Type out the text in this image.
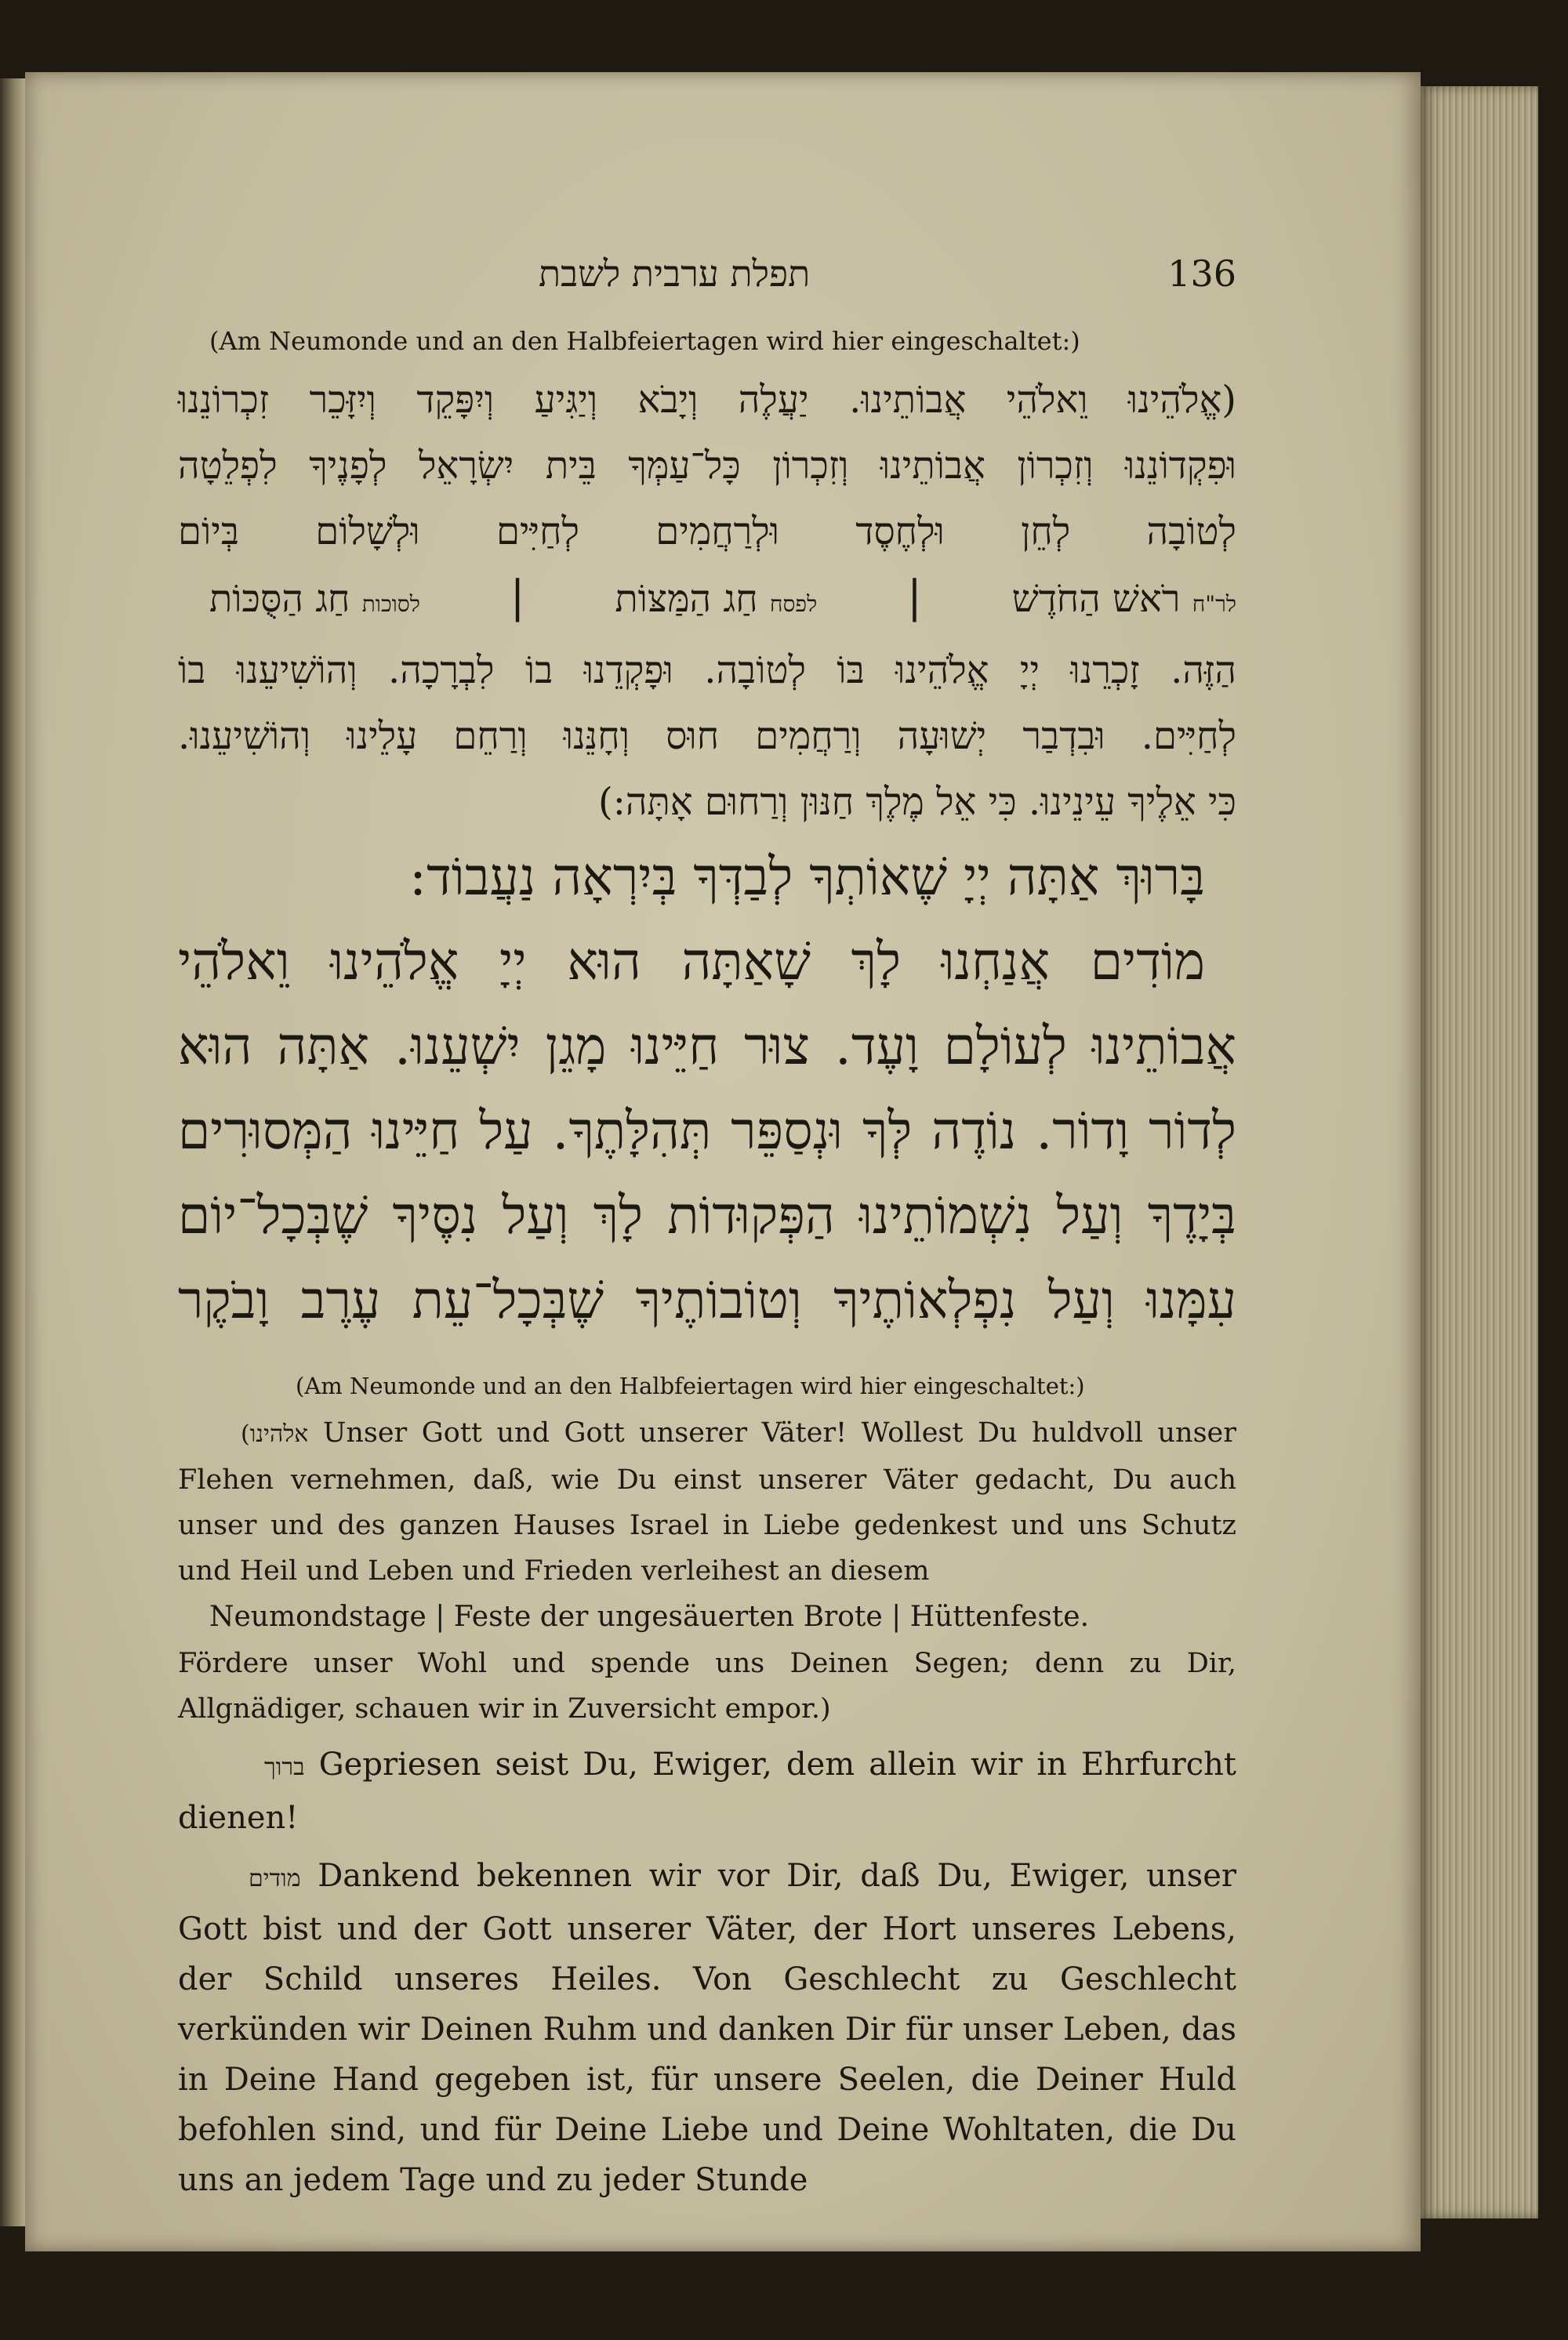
תפלת ערבית לשבת	136
(Am Neumonde und an den Halbfeiertagen wird hier eingeschaltet:)

(אֱלֹהֵינוּ וֵאלֹהֵי אֲבוֹתֵינוּ. יַעֲלֶה וְיָבֹא וְיַגִּיעַ וְיִפָּקֵד וְיִזָּכֵר זִכְרוֹנֵנוּ

וּפִקְדוֹנֵנוּ וְזִכְרוֹן אֲבוֹתֵינוּ וְזִכְרוֹן כָּל־עַמְּךָ בֵּית יִשְׂרָאֵל לְפָנֶיךָ לִפְלֵטָה

לְטוֹבָה לְחֵן וּלְחֶסֶד וּלְרַחֲמִים לְחַיִּים וּלְשָׁלוֹם בְּיוֹם

לר"ח רֹאשׁ הַחֹדֶשׁ
|
לפסח חַג הַמַּצּוֹת
|
לסוכות חַג הַסֻּכּוֹת

הַזֶּה. זָכְרֵנוּ יְיָ אֱלֹהֵינוּ בּוֹ לְטוֹבָה. וּפָקְדֵנוּ בוֹ לִבְרָכָה. וְהוֹשִׁיעֵנוּ בוֹ

לְחַיִּים. וּבִדְבַר יְשׁוּעָה וְרַחֲמִים חוּס וְחָנֵּנוּ וְרַחֵם עָלֵינוּ וְהוֹשִׁיעֵנוּ.

כִּי אֵלֶיךָ עֵינֵינוּ. כִּי אֵל מֶלֶךְ חַנּוּן וְרַחוּם אָתָּה:)

בָּרוּךְ אַתָּה יְיָ שֶׁאוֹתְךָ לְבַדְּךָ בְּיִרְאָה נַעֲבוֹד:

מוֹדִים אֲנַחְנוּ לָךְ שָׁאַתָּה הוּא יְיָ אֱלֹהֵינוּ וֵאלֹהֵי

אֲבוֹתֵינוּ לְעוֹלָם וָעֶד. צוּר חַיֵּינוּ מָגֵן יִשְׁעֵנוּ. אַתָּה הוּא

לְדוֹר וָדוֹר. נוֹדֶה לְּךָ וּנְסַפֵּר תְּהִלָּתֶךָ. עַל חַיֵּינוּ הַמְּסוּרִים

בְּיָדֶךָ וְעַל נִשְׁמוֹתֵינוּ הַפְּקוּדוֹת לָךְ וְעַל נִסֶּיךָ שֶׁבְּכָל־יוֹם

עִמָּנוּ וְעַל נִפְלְאוֹתֶיךָ וְטוֹבוֹתֶיךָ שֶׁבְּכָל־עֵת עֶרֶב וָבֹקֶר

(Am Neumonde und an den Halbfeiertagen wird hier eingeschaltet:)

(אלהינו Unser Gott und Gott unserer Väter! Wollest Du huldvoll unser Flehen vernehmen, daß, wie Du einst unserer Väter gedacht, Du auch unser und des ganzen Hauses Israel in Liebe gedenkest und uns Schutz und Heil und Leben und Frieden verleihest an diesem

Neumondstage | Feste der ungesäuerten Brote | Hüttenfeste.

Fördere unser Wohl und spende uns Deinen Segen; denn zu Dir, Allgnädiger, schauen wir in Zuversicht empor.)

ברוך Gepriesen seist Du, Ewiger, dem allein wir in Ehrfurcht dienen!

מודים Dankend bekennen wir vor Dir, daß Du, Ewiger, unser Gott bist und der Gott unserer Väter, der Hort unseres Lebens, der Schild unseres Heiles. Von Geschlecht zu Geschlecht verkünden wir Deinen Ruhm und danken Dir für unser Leben, das in Deine Hand gegeben ist, für unsere Seelen, die Deiner Huld befohlen sind, und für Deine Liebe und Deine Wohltaten, die Du uns an jedem Tage und zu jeder Stunde
